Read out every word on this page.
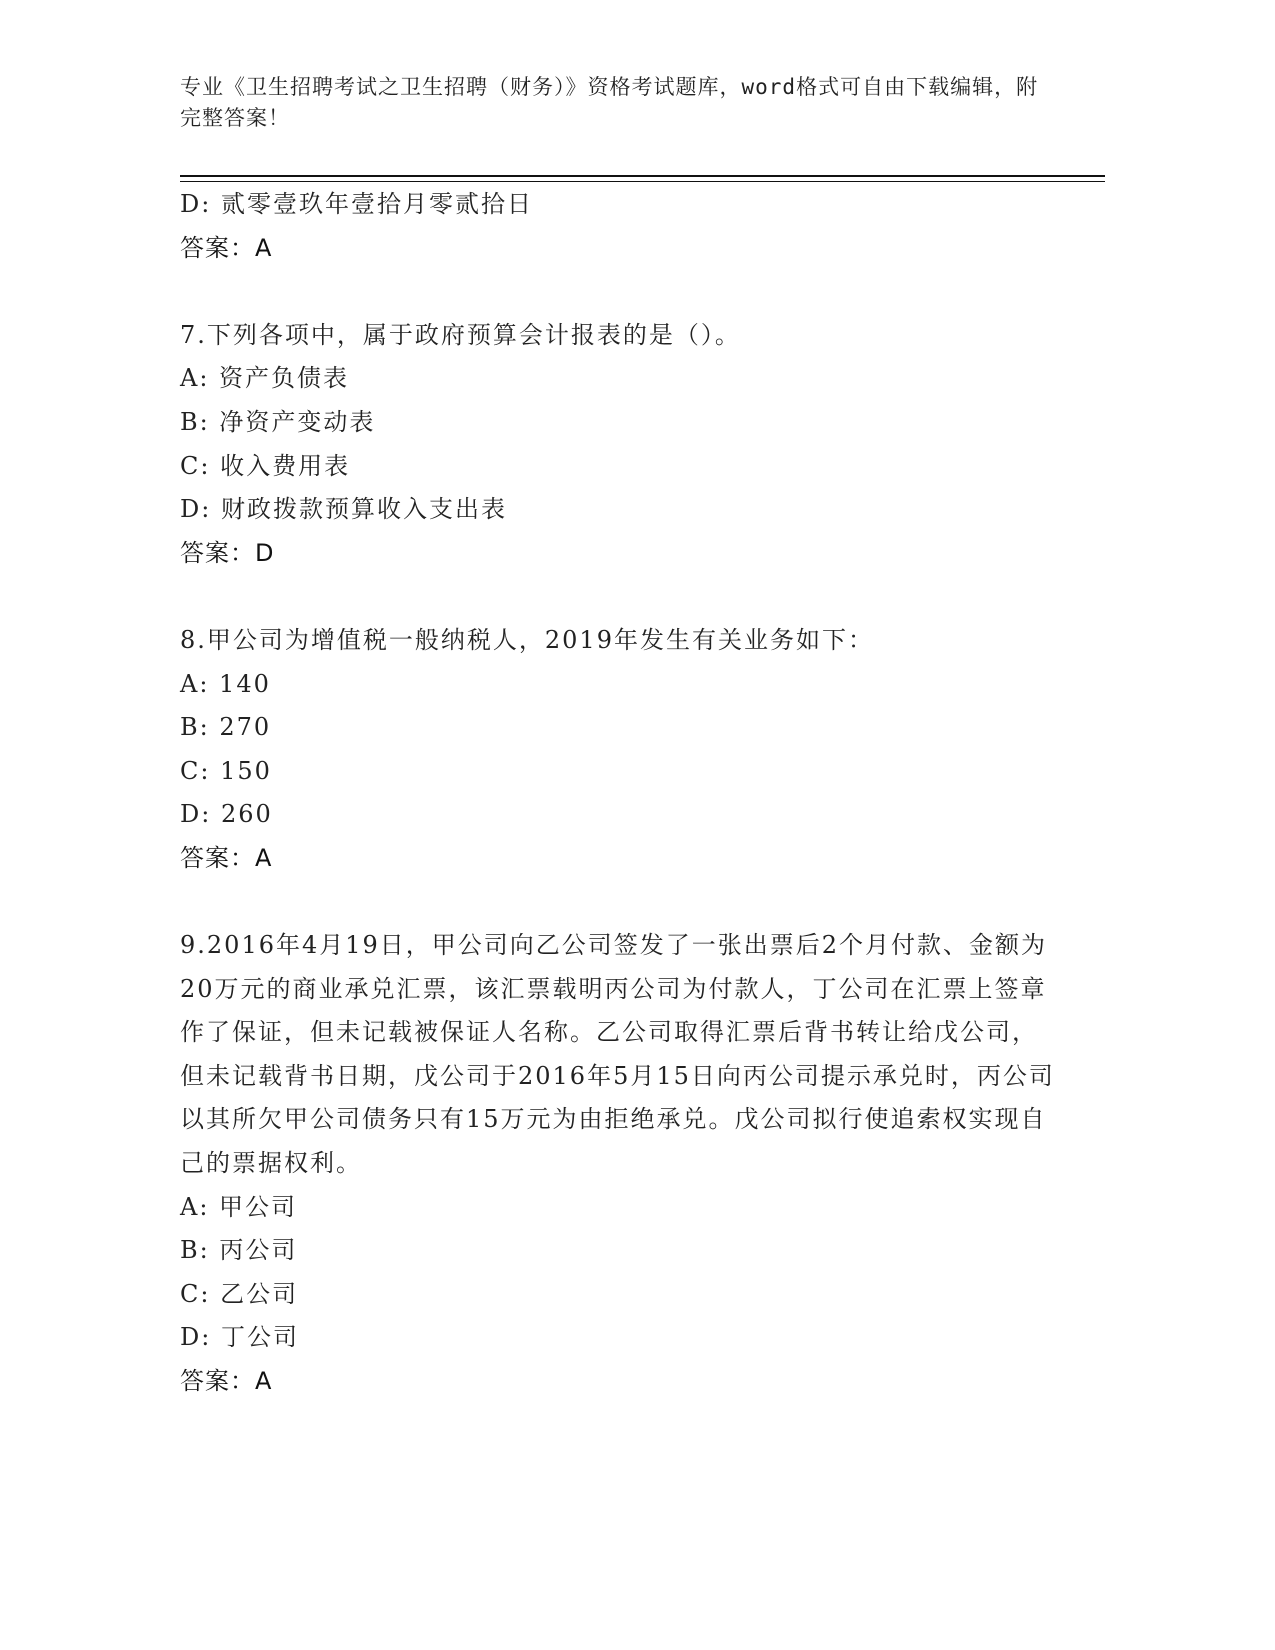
专业《卫生招聘考试之卫生招聘（财务）》资格考试题库，word格式可自由下载编辑，附完整答案！
D: 贰零壹玖年壹拾月零贰拾日
答案：A
7.下列各项中，属于政府预算会计报表的是（）。
A: 资产负债表
B: 净资产变动表
C: 收入费用表
D: 财政拨款预算收入支出表
答案：D
8.甲公司为增值税一般纳税人，2019年发生有关业务如下：
A: 140
B: 270
C: 150
D: 260
答案：A
9.2016年4月19日，甲公司向乙公司签发了一张出票后2个月付款、金额为20万元的商业承兑汇票，该汇票载明丙公司为付款人，丁公司在汇票上签章作了保证，但未记载被保证人名称。乙公司取得汇票后背书转让给戊公司，但未记载背书日期，戊公司于2016年5月15日向丙公司提示承兑时，丙公司以其所欠甲公司债务只有15万元为由拒绝承兑。戊公司拟行使追索权实现自己的票据权利。
A: 甲公司
B: 丙公司
C: 乙公司
D: 丁公司
答案：A
